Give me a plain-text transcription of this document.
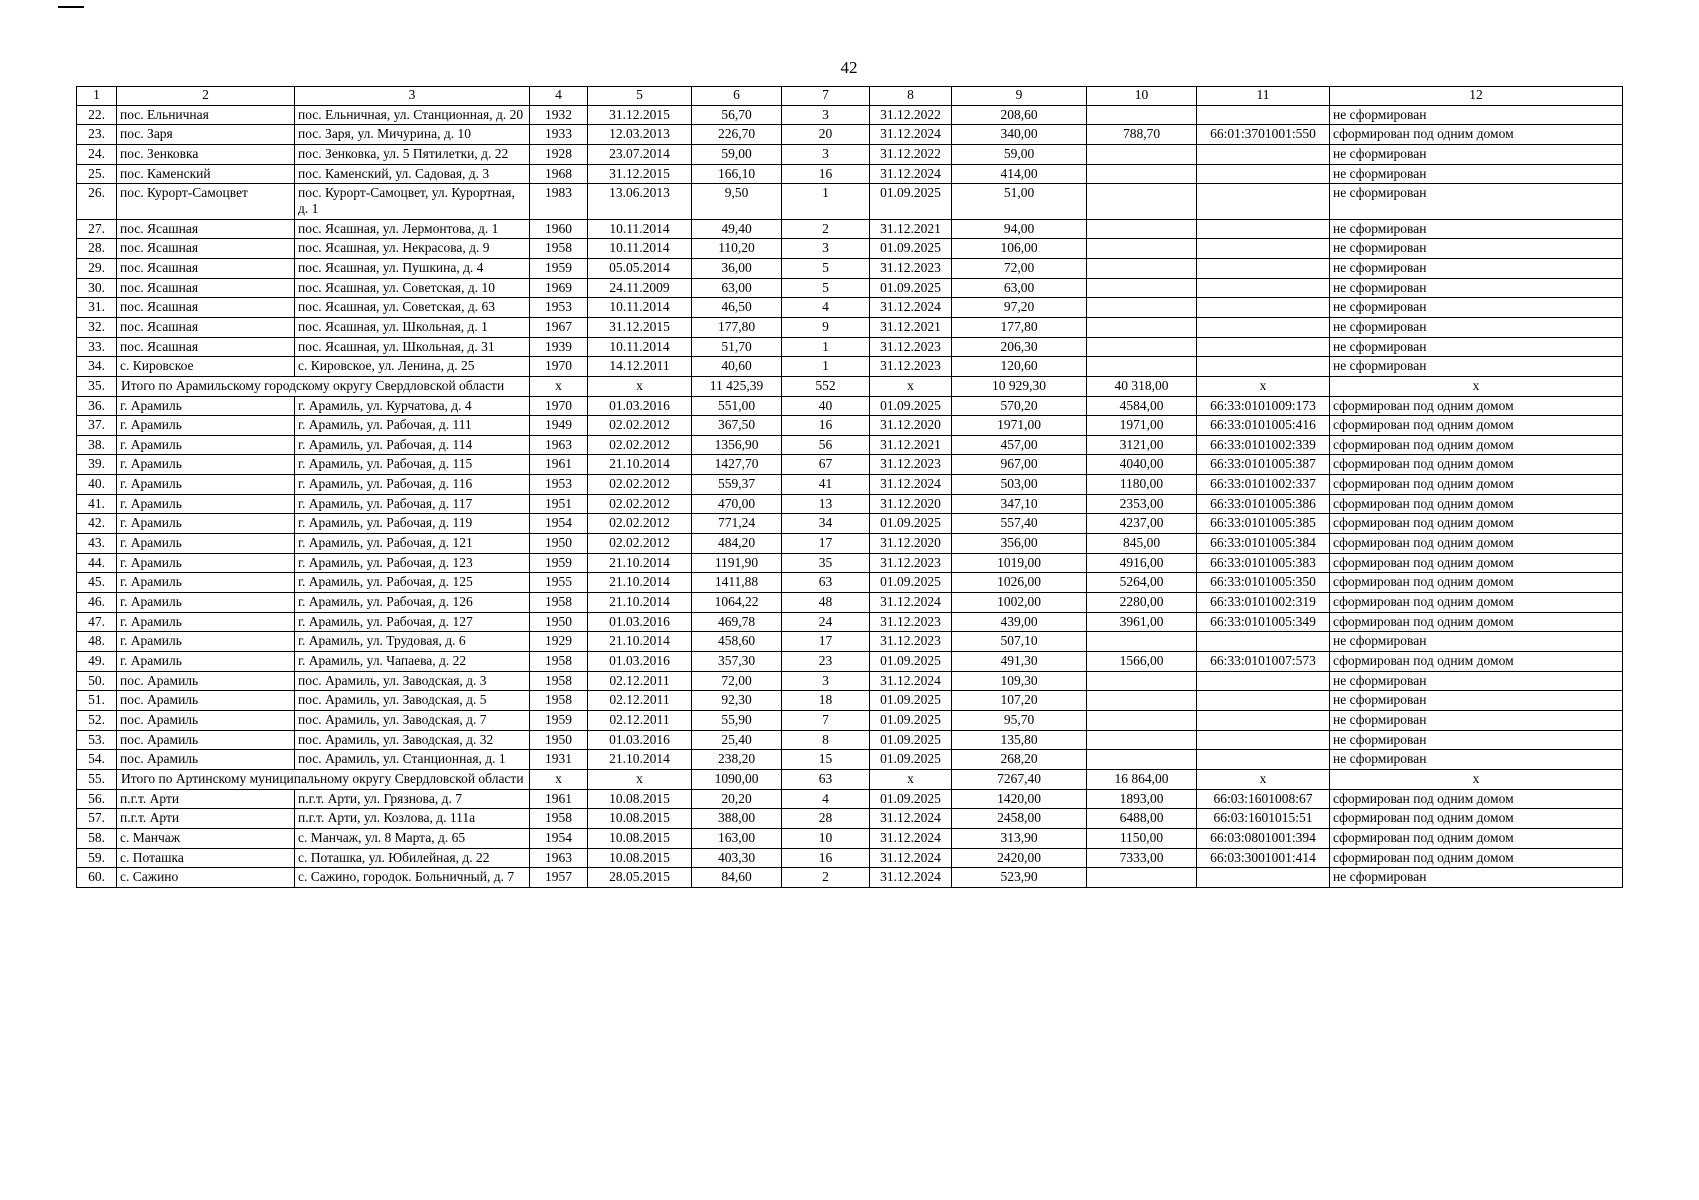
42
1	2	3	4	5	6	7	8	9	10	11	12
22.	пос. Ельничная	пос. Ельничная, ул. Станционная, д. 20	1932	31.12.2015	56,70	3	31.12.2022	208,60			не сформирован
23.	пос. Заря	пос. Заря, ул. Мичурина, д. 10	1933	12.03.2013	226,70	20	31.12.2024	340,00	788,70	66:01:3701001:550	сформирован под одним домом
24.	пос. Зенковка	пос. Зенковка, ул. 5 Пятилетки, д. 22	1928	23.07.2014	59,00	3	31.12.2022	59,00			не сформирован
25.	пос. Каменский	пос. Каменский, ул. Садовая, д. 3	1968	31.12.2015	166,10	16	31.12.2024	414,00			не сформирован
26.	пос. Курорт-Самоцвет	пос. Курорт-Самоцвет, ул. Курортная, д. 1	1983	13.06.2013	9,50	1	01.09.2025	51,00			не сформирован
27.	пос. Ясашная	пос. Ясашная, ул. Лермонтова, д. 1	1960	10.11.2014	49,40	2	31.12.2021	94,00			не сформирован
28.	пос. Ясашная	пос. Ясашная, ул. Некрасова, д. 9	1958	10.11.2014	110,20	3	01.09.2025	106,00			не сформирован
29.	пос. Ясашная	пос. Ясашная, ул. Пушкина, д. 4	1959	05.05.2014	36,00	5	31.12.2023	72,00			не сформирован
30.	пос. Ясашная	пос. Ясашная, ул. Советская, д. 10	1969	24.11.2009	63,00	5	01.09.2025	63,00			не сформирован
31.	пос. Ясашная	пос. Ясашная, ул. Советская, д. 63	1953	10.11.2014	46,50	4	31.12.2024	97,20			не сформирован
32.	пос. Ясашная	пос. Ясашная, ул. Школьная, д. 1	1967	31.12.2015	177,80	9	31.12.2021	177,80			не сформирован
33.	пос. Ясашная	пос. Ясашная, ул. Школьная, д. 31	1939	10.11.2014	51,70	1	31.12.2023	206,30			не сформирован
34.	с. Кировское	с. Кировское, ул. Ленина, д. 25	1970	14.12.2011	40,60	1	31.12.2023	120,60			не сформирован
35.	Итого по Арамильскому городскому округу Свердловской области		х	х	11 425,39	552	х	10 929,30	40 318,00	х	х
36.	г. Арамиль	г. Арамиль, ул. Курчатова, д. 4	1970	01.03.2016	551,00	40	01.09.2025	570,20	4584,00	66:33:0101009:173	сформирован под одним домом
37.	г. Арамиль	г. Арамиль, ул. Рабочая, д. 111	1949	02.02.2012	367,50	16	31.12.2020	1971,00	1971,00	66:33:0101005:416	сформирован под одним домом
38.	г. Арамиль	г. Арамиль, ул. Рабочая, д. 114	1963	02.02.2012	1356,90	56	31.12.2021	457,00	3121,00	66:33:0101002:339	сформирован под одним домом
39.	г. Арамиль	г. Арамиль, ул. Рабочая, д. 115	1961	21.10.2014	1427,70	67	31.12.2023	967,00	4040,00	66:33:0101005:387	сформирован под одним домом
40.	г. Арамиль	г. Арамиль, ул. Рабочая, д. 116	1953	02.02.2012	559,37	41	31.12.2024	503,00	1180,00	66:33:0101002:337	сформирован под одним домом
41.	г. Арамиль	г. Арамиль, ул. Рабочая, д. 117	1951	02.02.2012	470,00	13	31.12.2020	347,10	2353,00	66:33:0101005:386	сформирован под одним домом
42.	г. Арамиль	г. Арамиль, ул. Рабочая, д. 119	1954	02.02.2012	771,24	34	01.09.2025	557,40	4237,00	66:33:0101005:385	сформирован под одним домом
43.	г. Арамиль	г. Арамиль, ул. Рабочая, д. 121	1950	02.02.2012	484,20	17	31.12.2020	356,00	845,00	66:33:0101005:384	сформирован под одним домом
44.	г. Арамиль	г. Арамиль, ул. Рабочая, д. 123	1959	21.10.2014	1191,90	35	31.12.2023	1019,00	4916,00	66:33:0101005:383	сформирован под одним домом
45.	г. Арамиль	г. Арамиль, ул. Рабочая, д. 125	1955	21.10.2014	1411,88	63	01.09.2025	1026,00	5264,00	66:33:0101005:350	сформирован под одним домом
46.	г. Арамиль	г. Арамиль, ул. Рабочая, д. 126	1958	21.10.2014	1064,22	48	31.12.2024	1002,00	2280,00	66:33:0101002:319	сформирован под одним домом
47.	г. Арамиль	г. Арамиль, ул. Рабочая, д. 127	1950	01.03.2016	469,78	24	31.12.2023	439,00	3961,00	66:33:0101005:349	сформирован под одним домом
48.	г. Арамиль	г. Арамиль, ул. Трудовая, д. 6	1929	21.10.2014	458,60	17	31.12.2023	507,10			не сформирован
49.	г. Арамиль	г. Арамиль, ул. Чапаева, д. 22	1958	01.03.2016	357,30	23	01.09.2025	491,30	1566,00	66:33:0101007:573	сформирован под одним домом
50.	пос. Арамиль	пос. Арамиль, ул. Заводская, д. 3	1958	02.12.2011	72,00	3	31.12.2024	109,30			не сформирован
51.	пос. Арамиль	пос. Арамиль, ул. Заводская, д. 5	1958	02.12.2011	92,30	18	01.09.2025	107,20			не сформирован
52.	пос. Арамиль	пос. Арамиль, ул. Заводская, д. 7	1959	02.12.2011	55,90	7	01.09.2025	95,70			не сформирован
53.	пос. Арамиль	пос. Арамиль, ул. Заводская, д. 32	1950	01.03.2016	25,40	8	01.09.2025	135,80			не сформирован
54.	пос. Арамиль	пос. Арамиль, ул. Станционная, д. 1	1931	21.10.2014	238,20	15	01.09.2025	268,20			не сформирован
55.	Итого по Артинскому муниципальному округу Свердловской области		х	х	1090,00	63	х	7267,40	16 864,00	х	х
56.	п.г.т. Арти	п.г.т. Арти, ул. Грязнова, д. 7	1961	10.08.2015	20,20	4	01.09.2025	1420,00	1893,00	66:03:1601008:67	сформирован под одним домом
57.	п.г.т. Арти	п.г.т. Арти, ул. Козлова, д. 111а	1958	10.08.2015	388,00	28	31.12.2024	2458,00	6488,00	66:03:1601015:51	сформирован под одним домом
58.	с. Манчаж	с. Манчаж, ул. 8 Марта, д. 65	1954	10.08.2015	163,00	10	31.12.2024	313,90	1150,00	66:03:0801001:394	сформирован под одним домом
59.	с. Поташка	с. Поташка, ул. Юбилейная, д. 22	1963	10.08.2015	403,30	16	31.12.2024	2420,00	7333,00	66:03:3001001:414	сформирован под одним домом
60.	с. Сажино	с. Сажино, городок. Больничный, д. 7	1957	28.05.2015	84,60	2	31.12.2024	523,90			не сформирован
